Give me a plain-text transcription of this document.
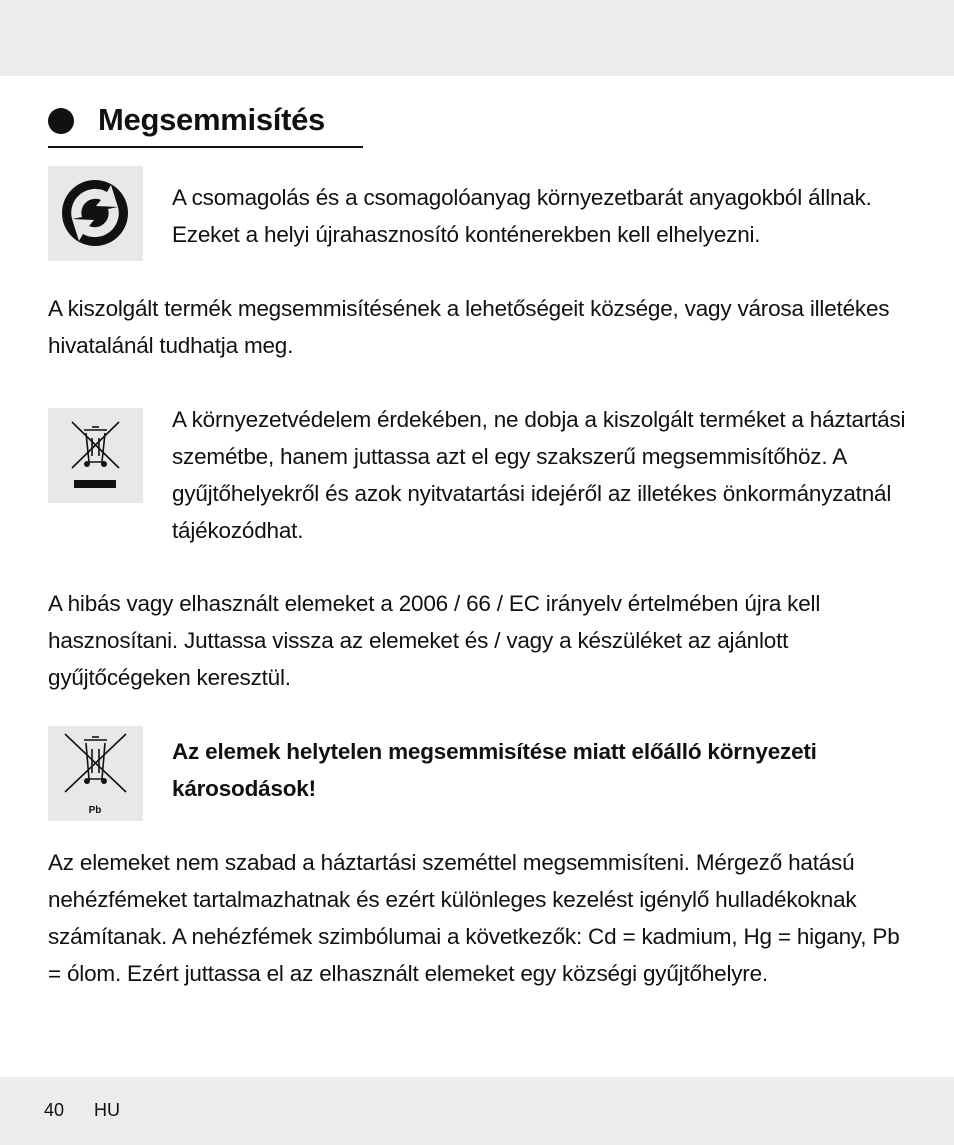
Megsemmisítés

A csomagolás és a csomagolóanyag környezetbarát anyagokból állnak. Ezeket a helyi újrahasznosító konténerekben kell elhelyezni.

A kiszolgált termék megsemmisítésének a lehetőségeit községe, vagy városa illetékes hivatalánál tudhatja meg.

A környezetvédelem érdekében, ne dobja a kiszolgált terméket a háztartási szemétbe, hanem juttassa azt el egy szakszerű megsemmisítőhöz. A gyűjtőhelyekről és azok nyitvatartási idejéről az illetékes önkormányzatnál tájékozódhat.

A hibás vagy elhasznált elemeket a 2006 / 66 / EC irányelv értelmében újra kell hasznosítani. Juttassa vissza az elemeket és / vagy a készüléket az ajánlott gyűjtőcégeken keresztül.

Pb

Az elemek helytelen megsemmisítése miatt előálló környezeti károsodások!

Az elemeket nem szabad a háztartási szeméttel megsemmisíteni. Mérgező hatású nehézfémeket tartalmazhatnak és ezért különleges kezelést igénylő hulladékoknak számítanak. A nehézfémek szimbólumai a következők: Cd = kadmium, Hg = higany, Pb = ólom. Ezért juttassa el az elhasznált elemeket egy községi gyűjtőhelyre.

40 HU
